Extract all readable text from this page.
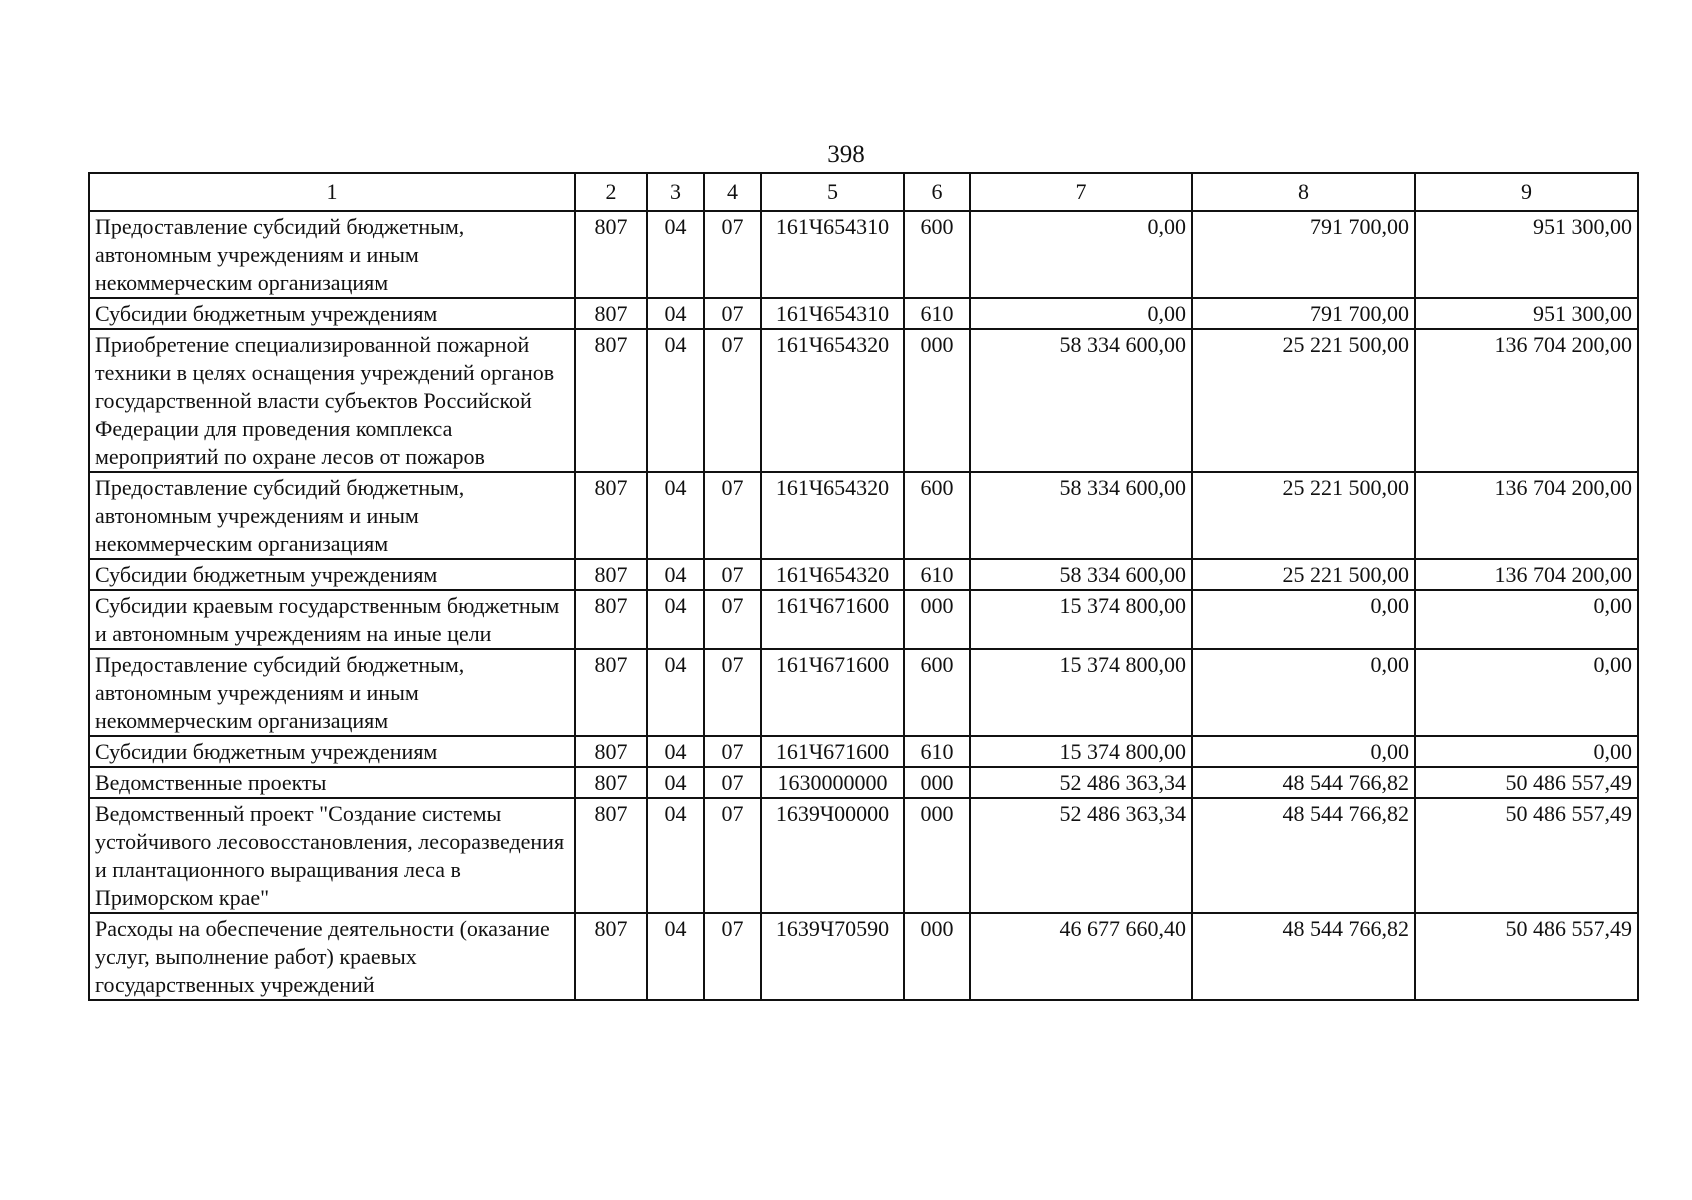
398
1	2	3	4	5	6	7	8	9
Предоставление субсидий бюджетным, автономным учреждениям и иным некоммерческим организациям	807	04	07	161Ч654310	600	0,00	791 700,00	951 300,00
Субсидии бюджетным учреждениям	807	04	07	161Ч654310	610	0,00	791 700,00	951 300,00
Приобретение специализированной пожарной техники в целях оснащения учреждений органов государственной власти субъектов Российской Федерации для проведения комплекса мероприятий по охране лесов от пожаров	807	04	07	161Ч654320	000	58 334 600,00	25 221 500,00	136 704 200,00
Предоставление субсидий бюджетным, автономным учреждениям и иным некоммерческим организациям	807	04	07	161Ч654320	600	58 334 600,00	25 221 500,00	136 704 200,00
Субсидии бюджетным учреждениям	807	04	07	161Ч654320	610	58 334 600,00	25 221 500,00	136 704 200,00
Субсидии краевым государственным бюджетным и автономным учреждениям на иные цели	807	04	07	161Ч671600	000	15 374 800,00	0,00	0,00
Предоставление субсидий бюджетным, автономным учреждениям и иным некоммерческим организациям	807	04	07	161Ч671600	600	15 374 800,00	0,00	0,00
Субсидии бюджетным учреждениям	807	04	07	161Ч671600	610	15 374 800,00	0,00	0,00
Ведомственные проекты	807	04	07	1630000000	000	52 486 363,34	48 544 766,82	50 486 557,49
Ведомственный проект "Создание системы устойчивого лесовосстановления, лесоразведения и плантационного выращивания леса в Приморском крае"	807	04	07	1639Ч00000	000	52 486 363,34	48 544 766,82	50 486 557,49
Расходы на обеспечение деятельности (оказание услуг, выполнение работ) краевых государственных учреждений	807	04	07	1639Ч70590	000	46 677 660,40	48 544 766,82	50 486 557,49
